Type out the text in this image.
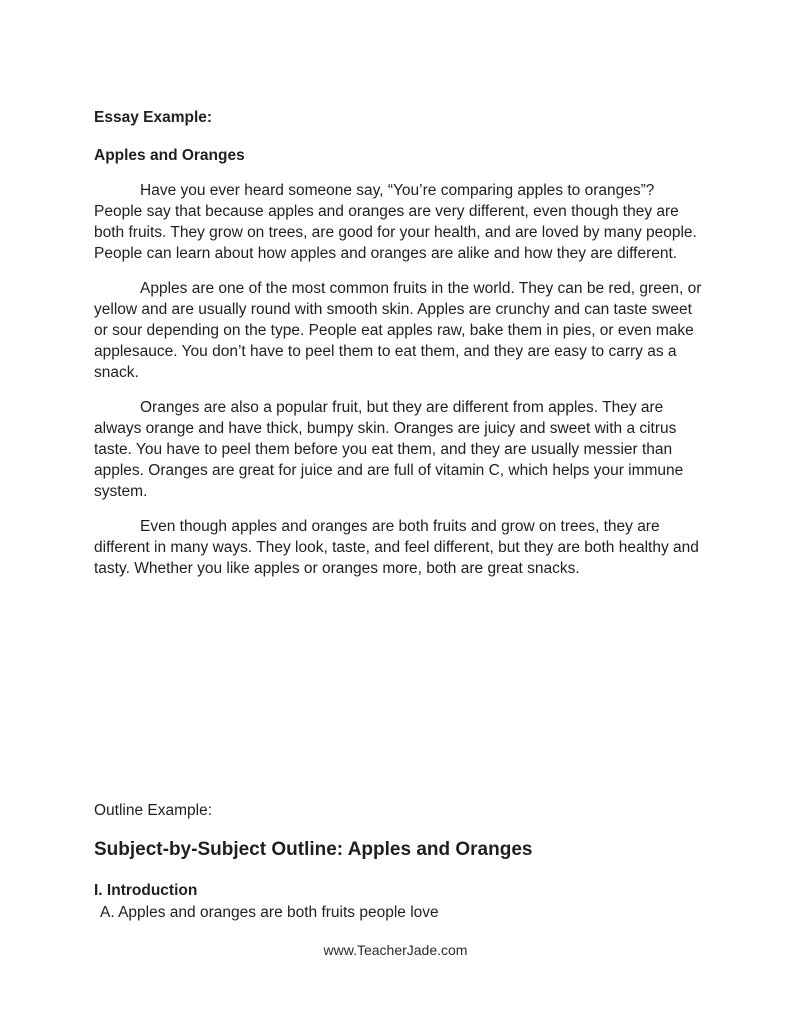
Essay Example:

Apples and Oranges

Have you ever heard someone say, “You’re comparing apples to oranges”? People say that because apples and oranges are very different, even though they are both fruits. They grow on trees, are good for your health, and are loved by many people. People can learn about how apples and oranges are alike and how they are different.

Apples are one of the most common fruits in the world. They can be red, green, or yellow and are usually round with smooth skin. Apples are crunchy and can taste sweet or sour depending on the type. People eat apples raw, bake them in pies, or even make applesauce. You don’t have to peel them to eat them, and they are easy to carry as a snack.

Oranges are also a popular fruit, but they are different from apples. They are always orange and have thick, bumpy skin. Oranges are juicy and sweet with a citrus taste. You have to peel them before you eat them, and they are usually messier than apples. Oranges are great for juice and are full of vitamin C, which helps your immune system.

Even though apples and oranges are both fruits and grow on trees, they are different in many ways. They look, taste, and feel different, but they are both healthy and tasty. Whether you like apples or oranges more, both are great snacks.

Outline Example:

Subject-by-Subject Outline: Apples and Oranges

I. Introduction

A. Apples and oranges are both fruits people love

www.TeacherJade.com
